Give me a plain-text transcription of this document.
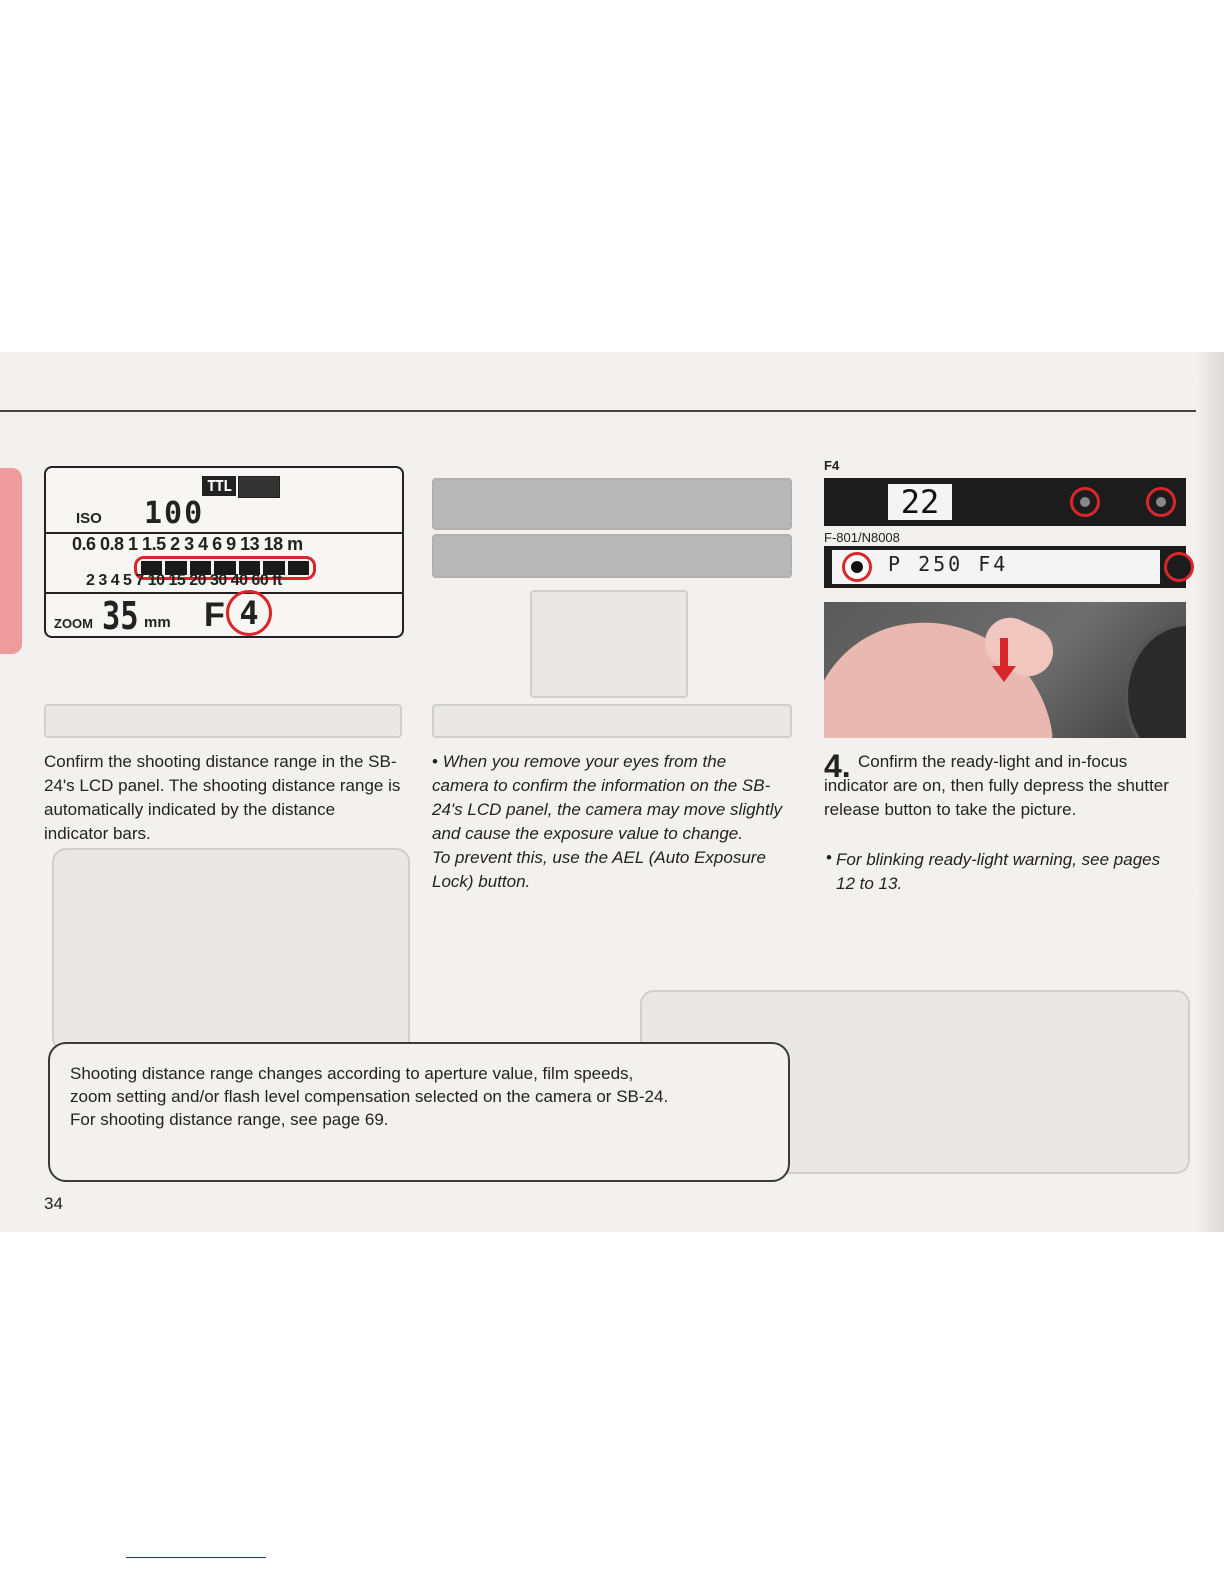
TTL
ISO 100
0.6 0.8 1 1.5 2 3 4 6 9 13 18 m
2 3 4 5 7 10 15 20 30 40 60 ft
ZOOM 35 mm F 4
F4
22
F-801/N8008
P 250 F4
Confirm the shooting distance range in the SB-24's LCD panel. The shooting distance range is automatically indicated by the distance indicator bars.
• When you remove your eyes from the camera to confirm the information on the SB-24's LCD panel, the camera may move slightly and cause the exposure value to change.
To prevent this, use the AEL (Auto Exposure Lock) button.
4. Confirm the ready-light and in-focus indicator are on, then fully depress the shutter release button to take the picture.
• For blinking ready-light warning, see pages 12 to 13.
Shooting distance range changes according to aperture value, film speeds,
zoom setting and/or flash level compensation selected on the camera or SB-24.
For shooting distance range, see page 69.
34
